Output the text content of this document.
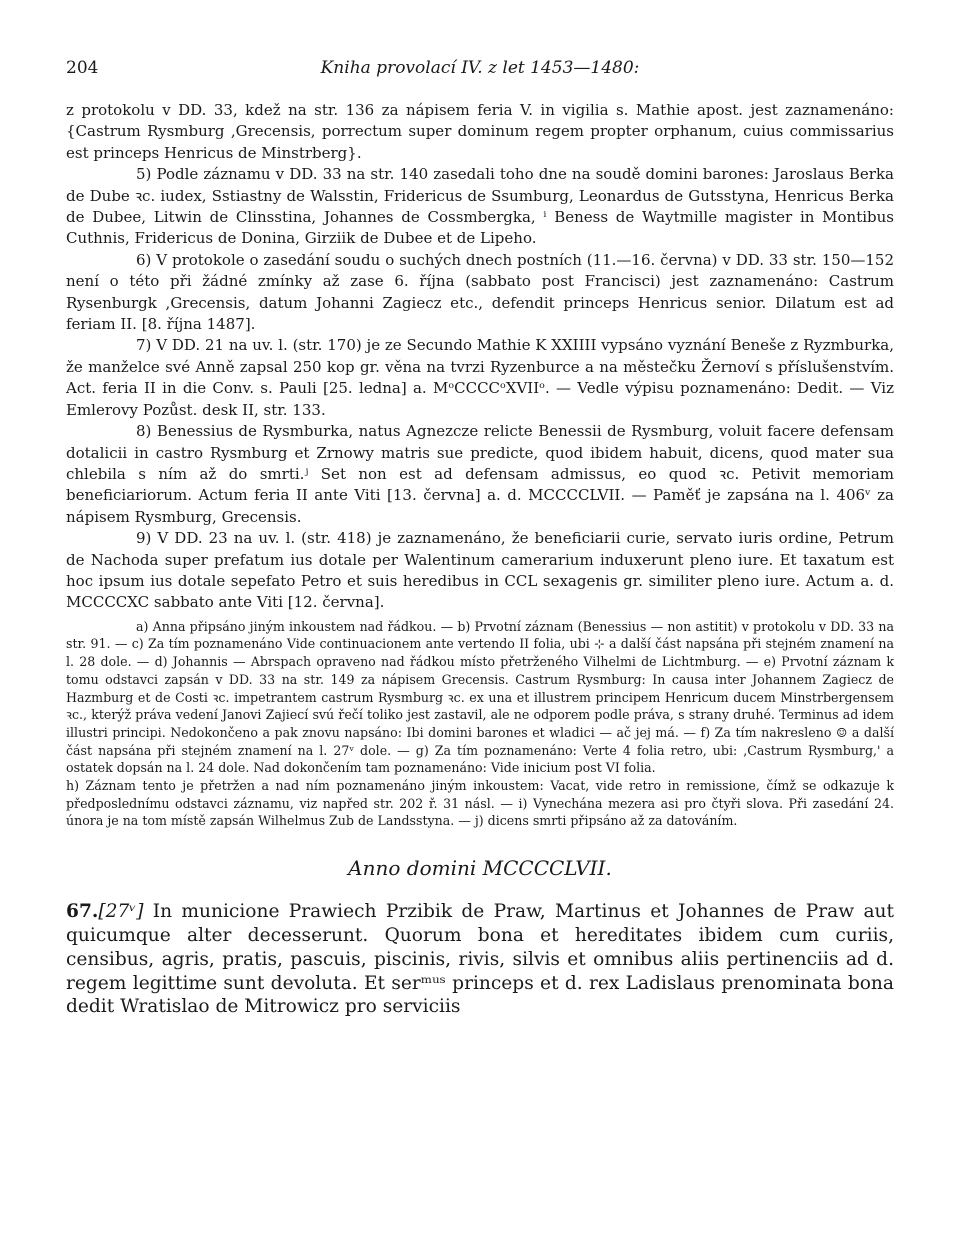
204	Kniha provolací IV. z let 1453—1480:

z protokolu v DD. 33, kdež na str. 136 za nápisem feria V. in vigilia s. Mathie apost. jest zaznamenáno: {Castrum Rysmburg ,Grecensis, porrectum super dominum regem propter orphanum, cuius commissarius est princeps Henricus de Minstrberg}.

5) Podle záznamu v DD. 33 na str. 140 zasedali toho dne na soudě domini barones: Jaroslaus Berka de Dube ꝛc. iudex, Sstiastny de Walsstin, Fridericus de Ssumburg, Leonardus de Gutsstyna, Henricus Berka de Dubee, Litwin de Clinsstina, Johannes de Cossmbergka, ⁱ Beness de Waytmille magister in Montibus Cuthnis, Fridericus de Donina, Girziik de Dubee et de Lipeho.

6) V protokole o zasedání soudu o suchých dnech postních (11.—16. června) v DD. 33 str. 150—152 není o této při žádné zmínky až zase 6. října (sabbato post Francisci) jest zaznamenáno: Castrum Rysenburgk ,Grecensis, datum Johanni Zagiecz etc., defendit princeps Henricus senior. Dilatum est ad feriam II. [8. října 1487].

7) V DD. 21 na uv. l. (str. 170) je ze Secundo Mathie K XXIIII vypsáno vyznání Beneše z Ryzmburka, že manželce své Anně zapsal 250 kop gr. věna na tvrzi Ryzenburce a na městečku Žernoví s příslušenstvím. Act. feria II in die Conv. s. Pauli [25. ledna] a. MᵒCCCCᵒXVIIᵒ. — Vedle výpisu poznamenáno: Dedit. — Viz Emlerovy Pozůst. desk II, str. 133.

8) Benessius de Rysmburka, natus Agnezcze relicte Benessii de Rysmburg, voluit facere defensam dotalicii in castro Rysmburg et Zrnowy matris sue predicte, quod ibidem habuit, dicens, quod mater sua chlebila s ním až do smrti.ʲ Set non est ad defensam admissus, eo quod ꝛc. Petivit memoriam beneficiariorum. Actum feria II ante Viti [13. června] a. d. MCCCCLVII. — Paměť je zapsána na l. 406ᵛ za nápisem Rysmburg, Grecensis.

9) V DD. 23 na uv. l. (str. 418) je zaznamenáno, že beneficiarii curie, servato iuris ordine, Petrum de Nachoda super prefatum ius dotale per Walentinum camerarium induxerunt pleno iure. Et taxatum est hoc ipsum ius dotale sepefato Petro et suis heredibus in CCL sexagenis gr. similiter pleno iure. Actum a. d. MCCCCXC sabbato ante Viti [12. června].

a) Anna připsáno jiným inkoustem nad řádkou. — b) Prvotní záznam (Benessius — non astitit) v protokolu v DD. 33 na str. 91. — c) Za tím poznamenáno Vide continuacionem ante vertendo II folia, ubi ⊹ a další část napsána při stejném znamení na l. 28 dole. — d) Johannis — Abrspach opraveno nad řádkou místo přetrženého Vilhelmi de Lichtmburg. — e) Prvotní záznam k tomu odstavci zapsán v DD. 33 na str. 149 za nápisem Grecensis. Castrum Rysmburg: In causa inter Johannem Zagiecz de Hazmburg et de Costi ꝛc. impetrantem castrum Rysmburg ꝛc. ex una et illustrem principem Henricum ducem Minstrbergensem ꝛc., kterýž práva vedení Janovi Zajiecí svú řečí toliko jest zastavil, ale ne odporem podle práva, s strany druhé. Terminus ad idem illustri principi. Nedokončeno a pak znovu napsáno: Ibi domini barones et wladici — ač jej má. — f) Za tím nakresleno ☺ a další část napsána při stejném znamení na l. 27ᵛ dole. — g) Za tím poznamenáno: Verte 4 folia retro, ubi: ,Castrum Rysmburg,' a ostatek dopsán na l. 24 dole. Nad dokončením tam poznamenáno: Vide inicium post VI folia.

h) Záznam tento je přetržen a nad ním poznamenáno jiným inkoustem: Vacat, vide retro in remissione, čímž se odkazuje k předposlednímu odstavci záznamu, viz napřed str. 202 ř. 31 násl. — i) Vynechána mezera asi pro čtyři slova. Při zasedání 24. února je na tom místě zapsán Wilhelmus Zub de Landsstyna. — j) dicens smrti připsáno až za datováním.

Anno domini MCCCCLVII.

67.[27ᵛ] In municione Prawiech Przibik de Praw, Martinus et Johannes de Praw aut quicumque alter decesserunt. Quorum bona et hereditates ibidem cum curiis, censibus, agris, pratis, pascuis, piscinis, rivis, silvis et omnibus aliis pertinenciis ad d. regem legittime sunt devoluta. Et serᵐᵘˢ princeps et d. rex Ladislaus prenominata bona dedit Wratislao de Mitrowicz pro serviciis
